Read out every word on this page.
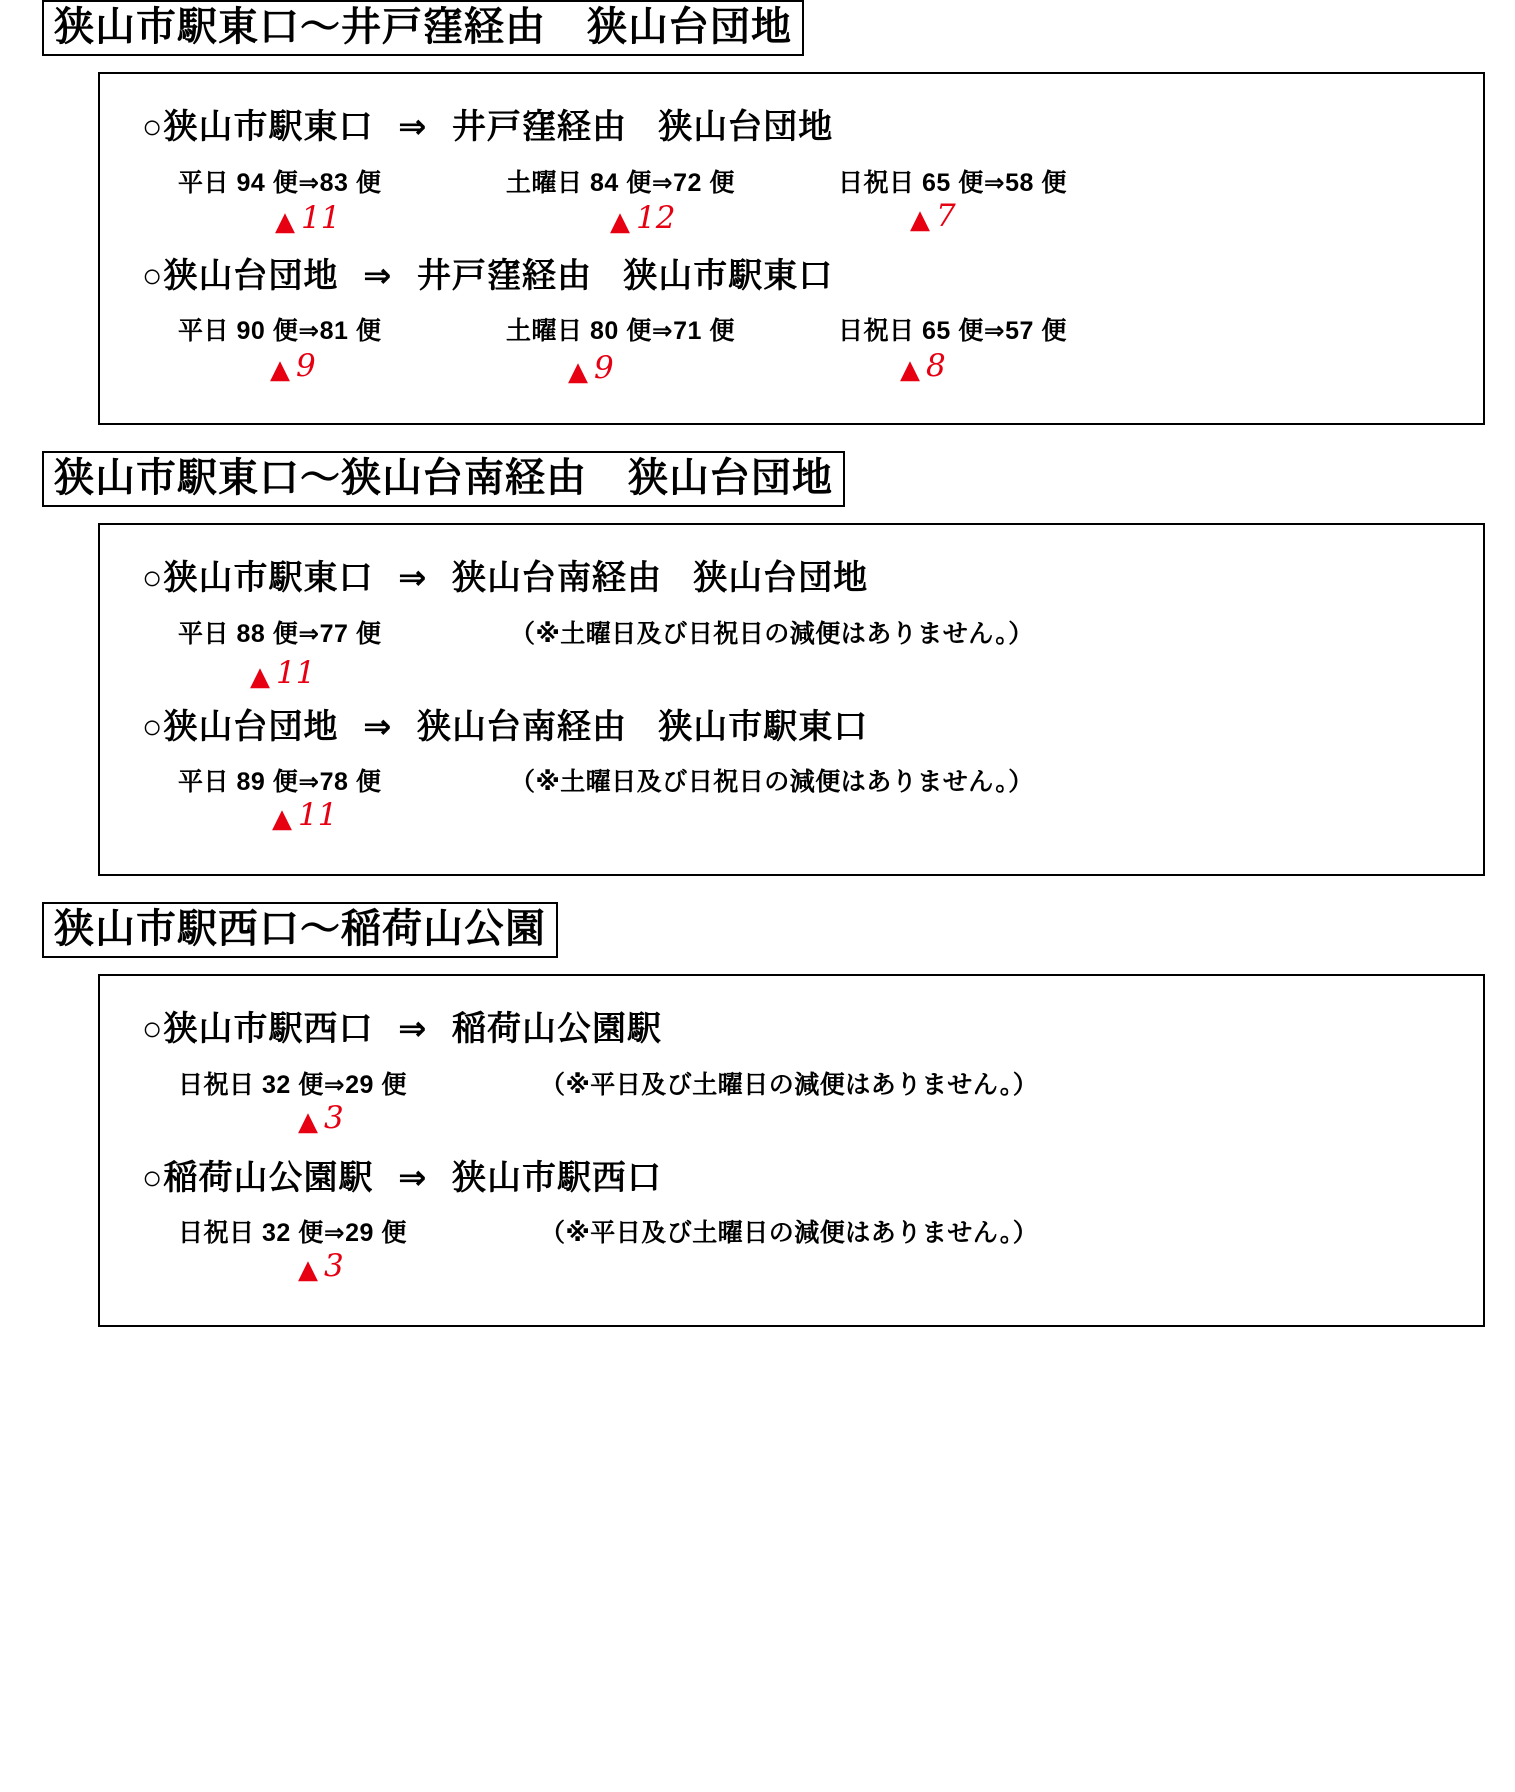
狭山市駅東口～井戸窪経由　狭山台団地
○狭山市駅東口 ⇒ 井戸窪経由 狭山台団地
平日 94 便⇒83 便
▲ 11
土曜日 84 便⇒72 便
▲ 12
日祝日 65 便⇒58 便
▲ 7
○狭山台団地 ⇒ 井戸窪経由 狭山市駅東口
平日 90 便⇒81 便
▲ 9
土曜日 80 便⇒71 便
▲ 9
日祝日 65 便⇒57 便
▲ 8
狭山市駅東口～狭山台南経由　狭山台団地
○狭山市駅東口 ⇒ 狭山台南経由 狭山台団地
平日 88 便⇒77 便
▲ 11
（※土曜日及び日祝日の減便はありません。）
○狭山台団地 ⇒ 狭山台南経由 狭山市駅東口
平日 89 便⇒78 便
▲ 11
（※土曜日及び日祝日の減便はありません。）
狭山市駅西口～稲荷山公園
○狭山市駅西口 ⇒ 稲荷山公園駅
日祝日 32 便⇒29 便
▲ 3
（※平日及び土曜日の減便はありません。）
○稲荷山公園駅 ⇒ 狭山市駅西口
日祝日 32 便⇒29 便
▲ 3
（※平日及び土曜日の減便はありません。）
